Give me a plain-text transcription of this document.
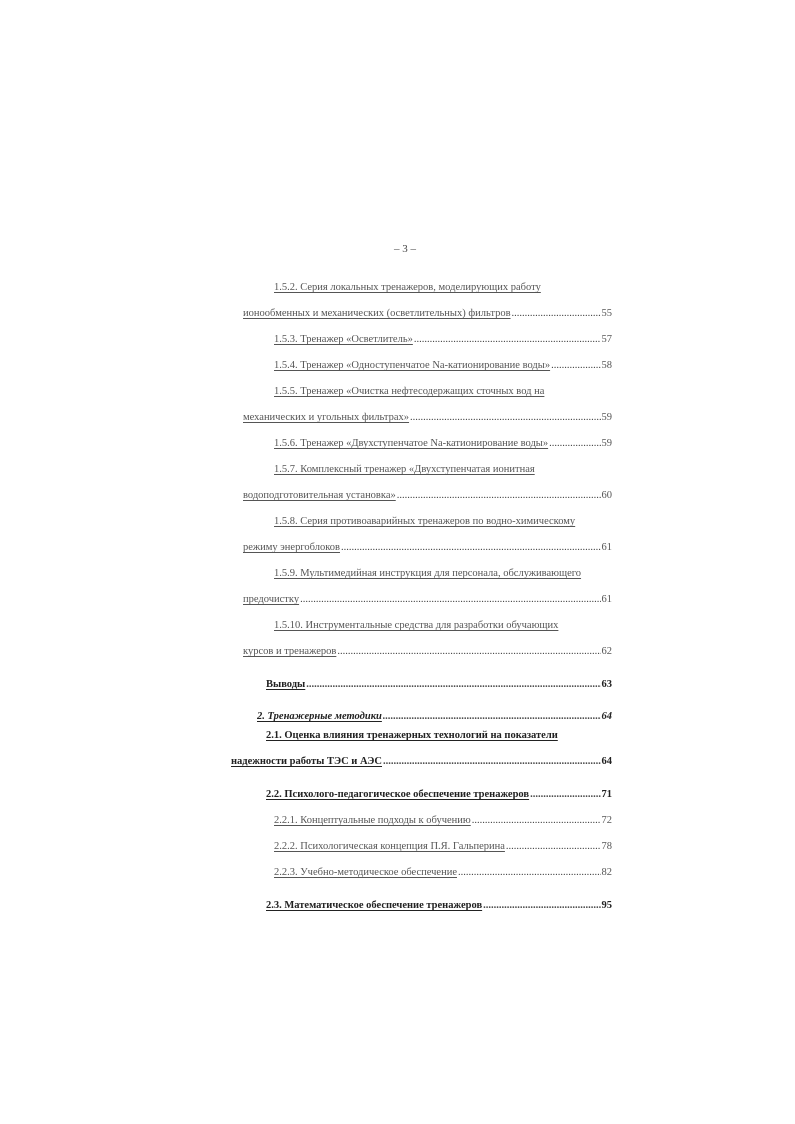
– 3 –
1.5.2. Серия локальных тренажеров, моделирующих работу
ионообменных и механических (осветлительных) фильтров .....	55
1.5.3. Тренажер «Осветлитель» .....	57
1.5.4. Тренажер «Одноступенчатое Na-катионирование воды» .....	58
1.5.5. Тренажер «Очистка нефтесодержащих сточных вод на
механических и угольных фильтрах» .....	59
1.5.6. Тренажер «Двухступенчатое Na-катионирование воды» .....	59
1.5.7. Комплексный тренажер «Двухступенчатая ионитная
водоподготовительная установка» .....	60
1.5.8. Серия противоаварийных тренажеров по водно-химическому
режиму энергоблоков .....	61
1.5.9. Мультимедийная инструкция для персонала, обслуживающего
предочистку .....	61
1.5.10. Инструментальные средства для разработки обучающих
курсов и тренажеров .....	62
Выводы .....	63
2. Тренажерные методики .....	64
2.1. Оценка влияния тренажерных технологий на показатели
надежности работы ТЭС и АЭС .....	64
2.2. Психолого-педагогическое обеспечение тренажеров .....	71
2.2.1. Концептуальные подходы к обучению .....	72
2.2.2. Психологическая концепция П.Я. Гальперина .....	78
2.2.3. Учебно-методическое обеспечение .....	82
2.3. Математическое обеспечение тренажеров .....	95
